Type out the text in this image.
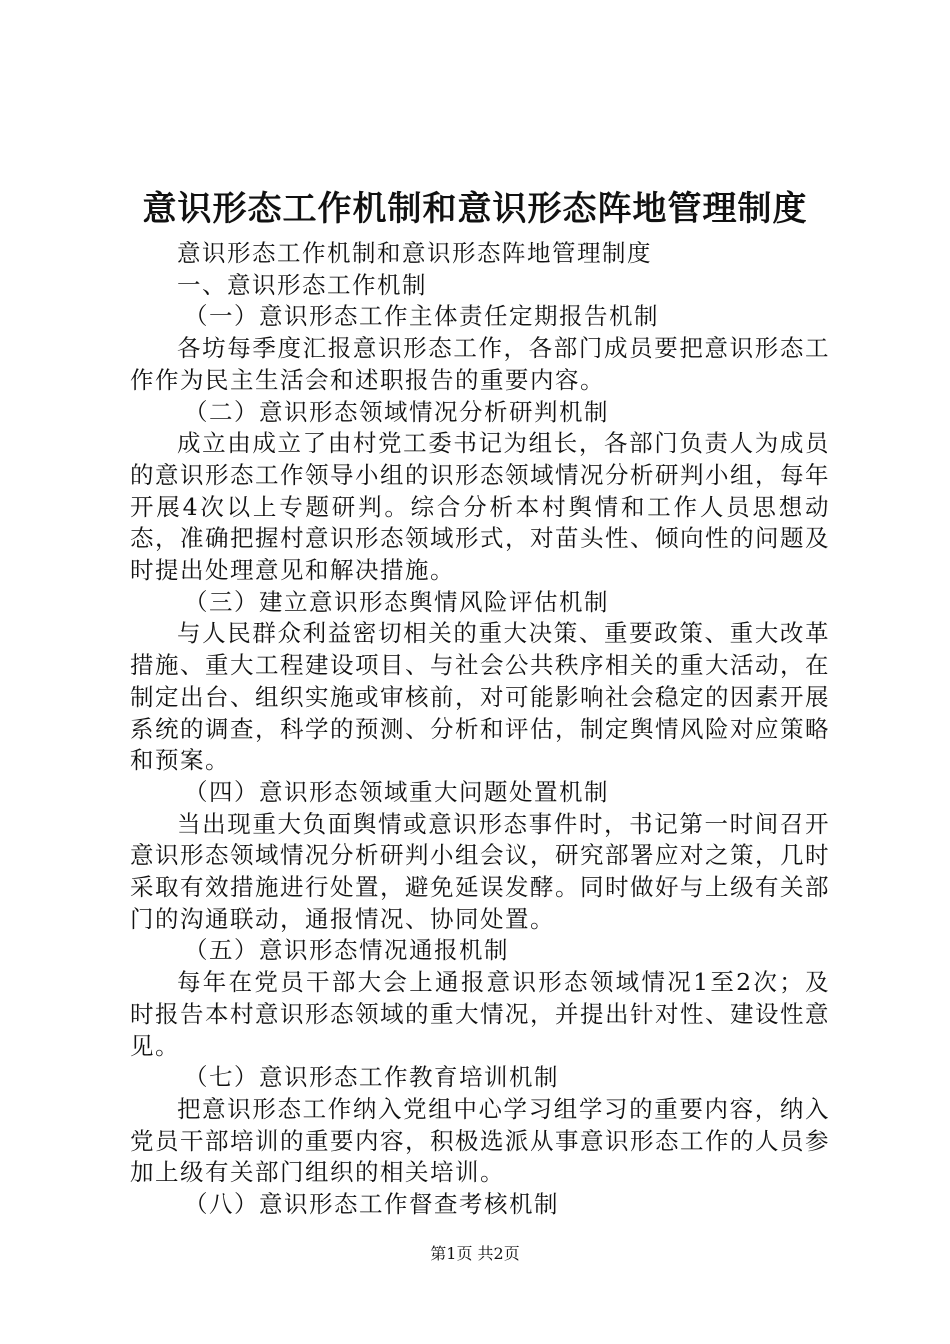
意识形态工作机制和意识形态阵地管理制度

意识形态工作机制和意识形态阵地管理制度

一、意识形态工作机制

（一）意识形态工作主体责任定期报告机制

各坊每季度汇报意识形态工作，各部门成员要把意识形态工作作为民主生活会和述职报告的重要内容。

（二）意识形态领域情况分析研判机制

成立由成立了由村党工委书记为组长，各部门负责人为成员的意识形态工作领导小组的识形态领域情况分析研判小组，每年开展4次以上专题研判。综合分析本村舆情和工作人员思想动态，准确把握村意识形态领域形式，对苗头性、倾向性的问题及时提出处理意见和解决措施。

（三）建立意识形态舆情风险评估机制

与人民群众利益密切相关的重大决策、重要政策、重大改革措施、重大工程建设项目、与社会公共秩序相关的重大活动，在制定出台、组织实施或审核前，对可能影响社会稳定的因素开展系统的调查，科学的预测、分析和评估，制定舆情风险对应策略和预案。

（四）意识形态领域重大问题处置机制

当出现重大负面舆情或意识形态事件时，书记第一时间召开意识形态领域情况分析研判小组会议，研究部署应对之策，几时采取有效措施进行处置，避免延误发酵。同时做好与上级有关部门的沟通联动，通报情况、协同处置。

（五）意识形态情况通报机制

每年在党员干部大会上通报意识形态领域情况1至2次；及时报告本村意识形态领域的重大情况，并提出针对性、建设性意见。

（七）意识形态工作教育培训机制

把意识形态工作纳入党组中心学习组学习的重要内容，纳入党员干部培训的重要内容，积极选派从事意识形态工作的人员参加上级有关部门组织的相关培训。

（八）意识形态工作督查考核机制

第1页 共2页
